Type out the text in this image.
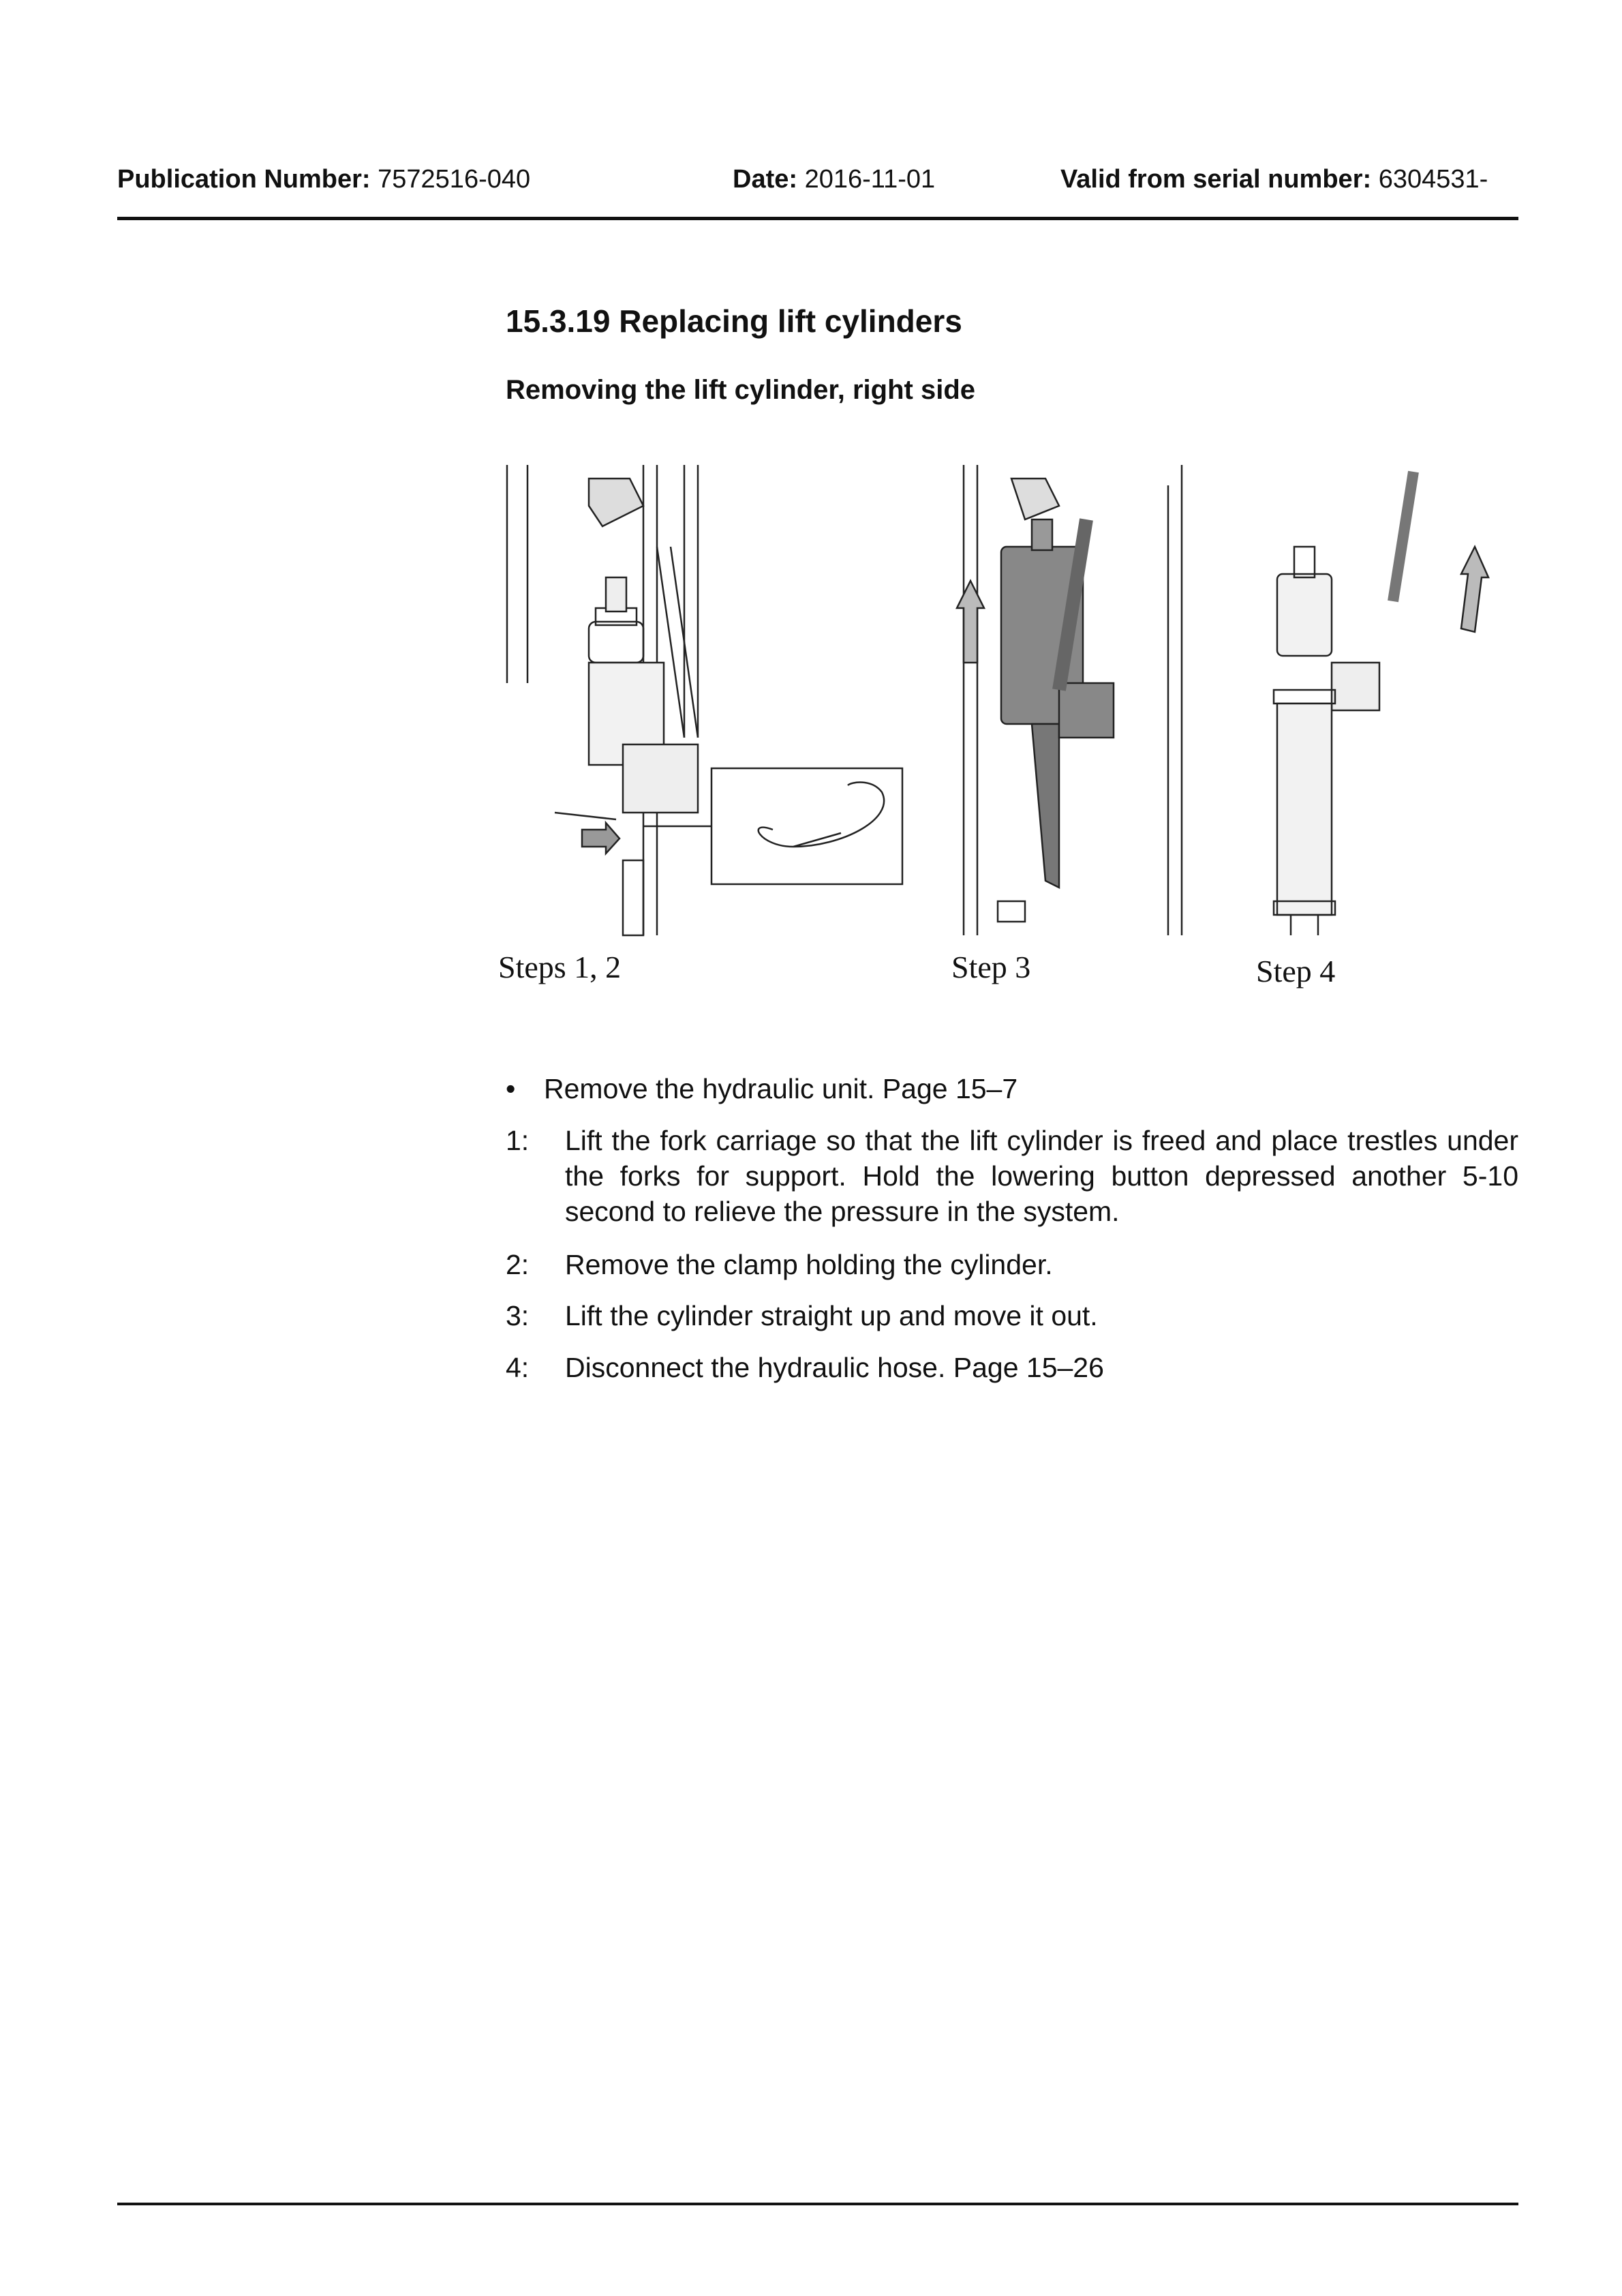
Publication Number: 7572516-040	Date: 2016-11-01	Valid from serial number: 6304531-
15.3.19 Replacing lift cylinders
Removing the lift cylinder, right side
Steps 1, 2	Step 3	Step 4
• Remove the hydraulic unit. Page 15–7
1: Lift the fork carriage so that the lift cylinder is freed and place trestles under the forks for support. Hold the lowering button depressed another 5-10 second to relieve the pressure in the system.
2: Remove the clamp holding the cylinder.
3: Lift the cylinder straight up and move it out.
4: Disconnect the hydraulic hose. Page 15–26
